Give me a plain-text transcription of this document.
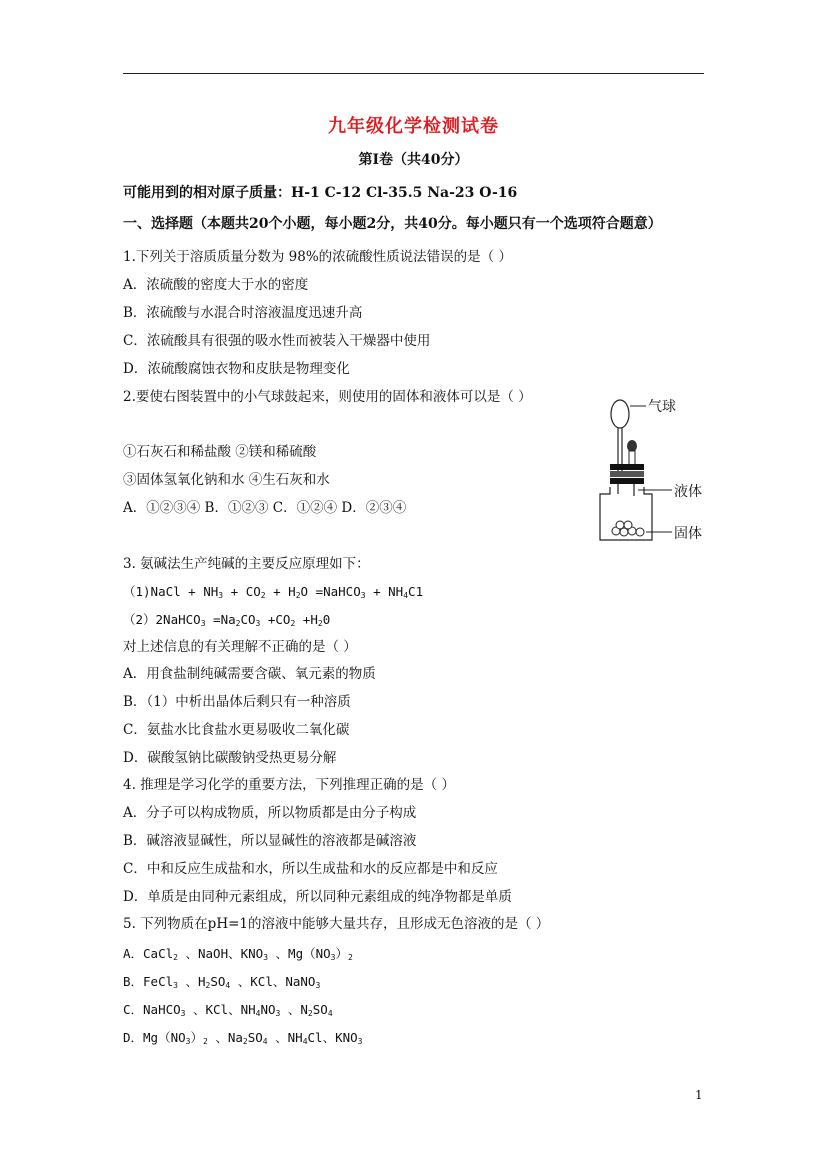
九年级化学检测试卷
第Ⅰ卷（共40分）
可能用到的相对原子质量：H-1 C-12 Cl-35.5 Na-23 O-16
一、选择题（本题共20个小题，每小题2分，共40分。每小题只有一个选项符合题意）
1.下列关于溶质质量分数为 98%的浓硫酸性质说法错误的是（ ）
A．浓硫酸的密度大于水的密度
B．浓硫酸与水混合时溶液温度迅速升高
C．浓硫酸具有很强的吸水性而被装入干燥器中使用
D．浓硫酸腐蚀衣物和皮肤是物理变化
2.要使右图装置中的小气球鼓起来，则使用的固体和液体可以是（ ）
①石灰石和稀盐酸 ②镁和稀硫酸
③固体氢氧化钠和水 ④生石灰和水
A．①②③④ B．①②③ C．①②④ D．②③④
气球
液体
固体
3. 氨碱法生产纯碱的主要反应原理如下：
（1)NaCl + $NH_3 + CO_2 + H_2O$ =NaHCO$_3$ + $NH_4C1$
（2）2NaHCO$_3$ $=Na_2CO_3 +CO_2 +H_20$
对上述信息的有关理解不正确的是（ ）
A．用食盐制纯碱需要含碳、氧元素的物质
B．（1）中析出晶体后剩只有一种溶质
C．氨盐水比食盐水更易吸收二氧化碳
D．碳酸氢钠比碳酸钠受热更易分解
4. 推理是学习化学的重要方法，下列推理正确的是（ ）
A．分子可以构成物质，所以物质都是由分子构成
B．碱溶液显碱性，所以显碱性的溶液都是碱溶液
C．中和反应生成盐和水，所以生成盐和水的反应都是中和反应
D．单质是由同种元素组成，所以同种元素组成的纯净物都是单质
5. 下列物质在pH=1的溶液中能够大量共存，且形成无色溶液的是（ ）
A．CaCl$_2$ 、NaOH、$KNO_3$ 、$Mg(NO_3)_2$
B．FeCl$_3$ 、$H_2SO_4$ 、KCl、NaNO$_3$
C．NaHCO$_3$ 、KCl、$NH_4NO_3$ 、$N_2SO_4$
D．$Mg(NO_3)_2$ 、$Na_2SO_4$ 、$NH_4Cl$、$KNO_3$
1
